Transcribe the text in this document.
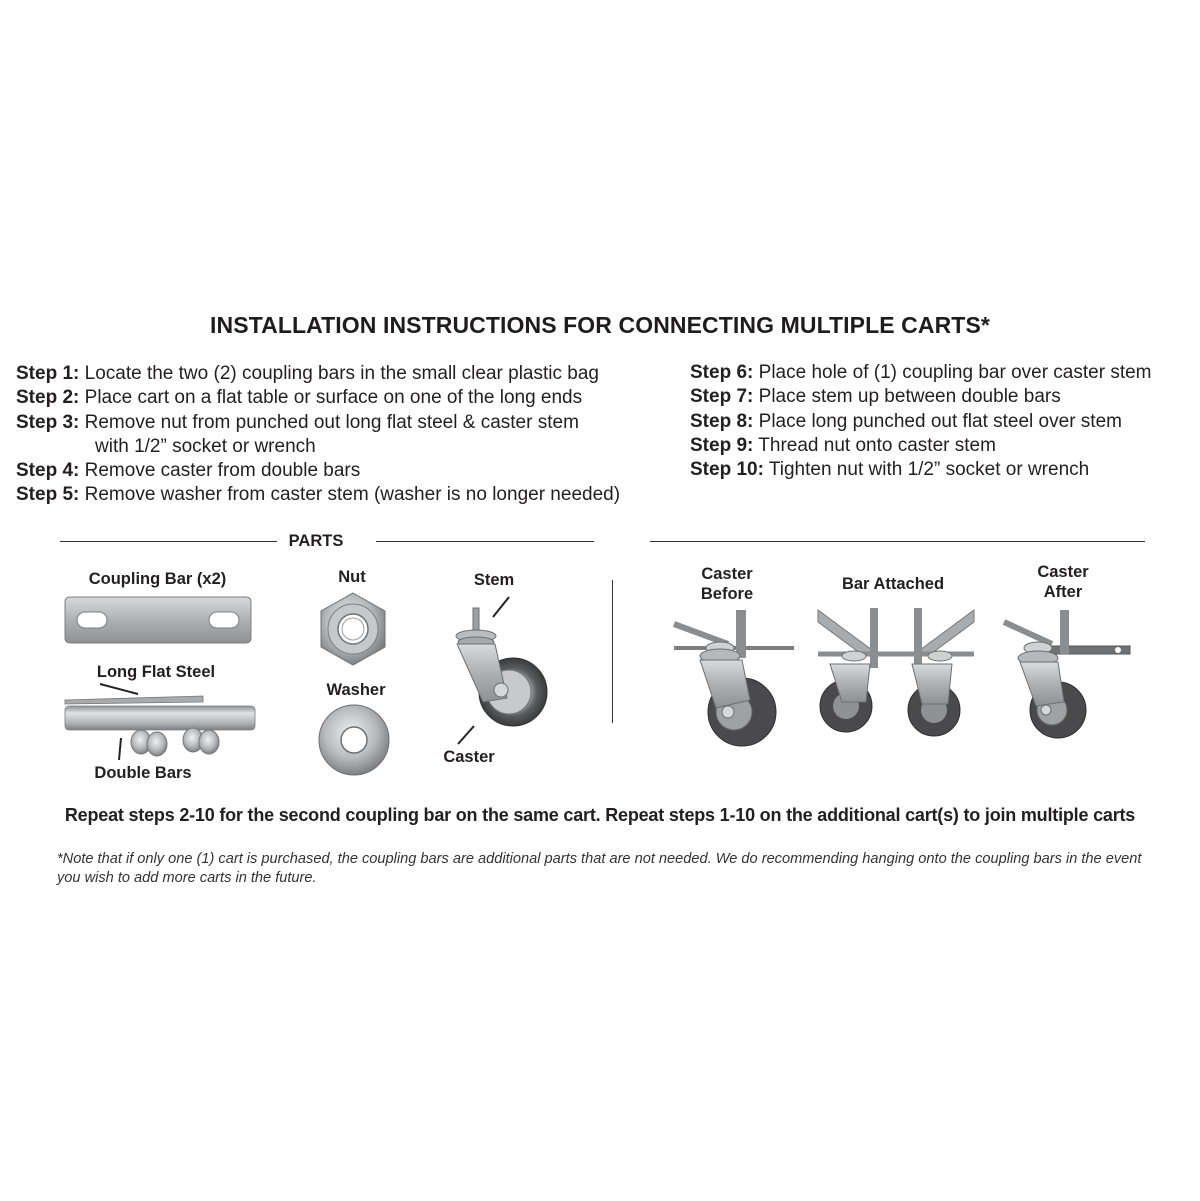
INSTALLATION INSTRUCTIONS FOR CONNECTING MULTIPLE CARTS*
Step 1: Locate the two (2) coupling bars in the small clear plastic bag
Step 2: Place cart on a flat table or surface on one of the long ends
Step 3: Remove nut from punched out long flat steel & caster stem
with 1/2” socket or wrench
Step 4: Remove caster from double bars
Step 5: Remove washer from caster stem (washer is no longer needed)
Step 6: Place hole of (1) coupling bar over caster stem
Step 7: Place stem up between double bars
Step 8: Place long punched out flat steel over stem
Step 9: Thread nut onto caster stem
Step 10: Tighten nut with 1/2” socket or wrench
PARTS
Coupling Bar (x2)
Long Flat Steel
Double Bars
Nut
Washer
Stem
Caster
Caster
Before
Bar Attached
Caster
After

Repeat steps 2-10 for the second coupling bar on the same cart. Repeat steps 1-10 on the additional cart(s) to join multiple carts

*Note that if only one (1) cart is purchased, the coupling bars are additional parts that are not needed. We do recommending hanging onto the coupling bars in the event you wish to add more carts in the future.
